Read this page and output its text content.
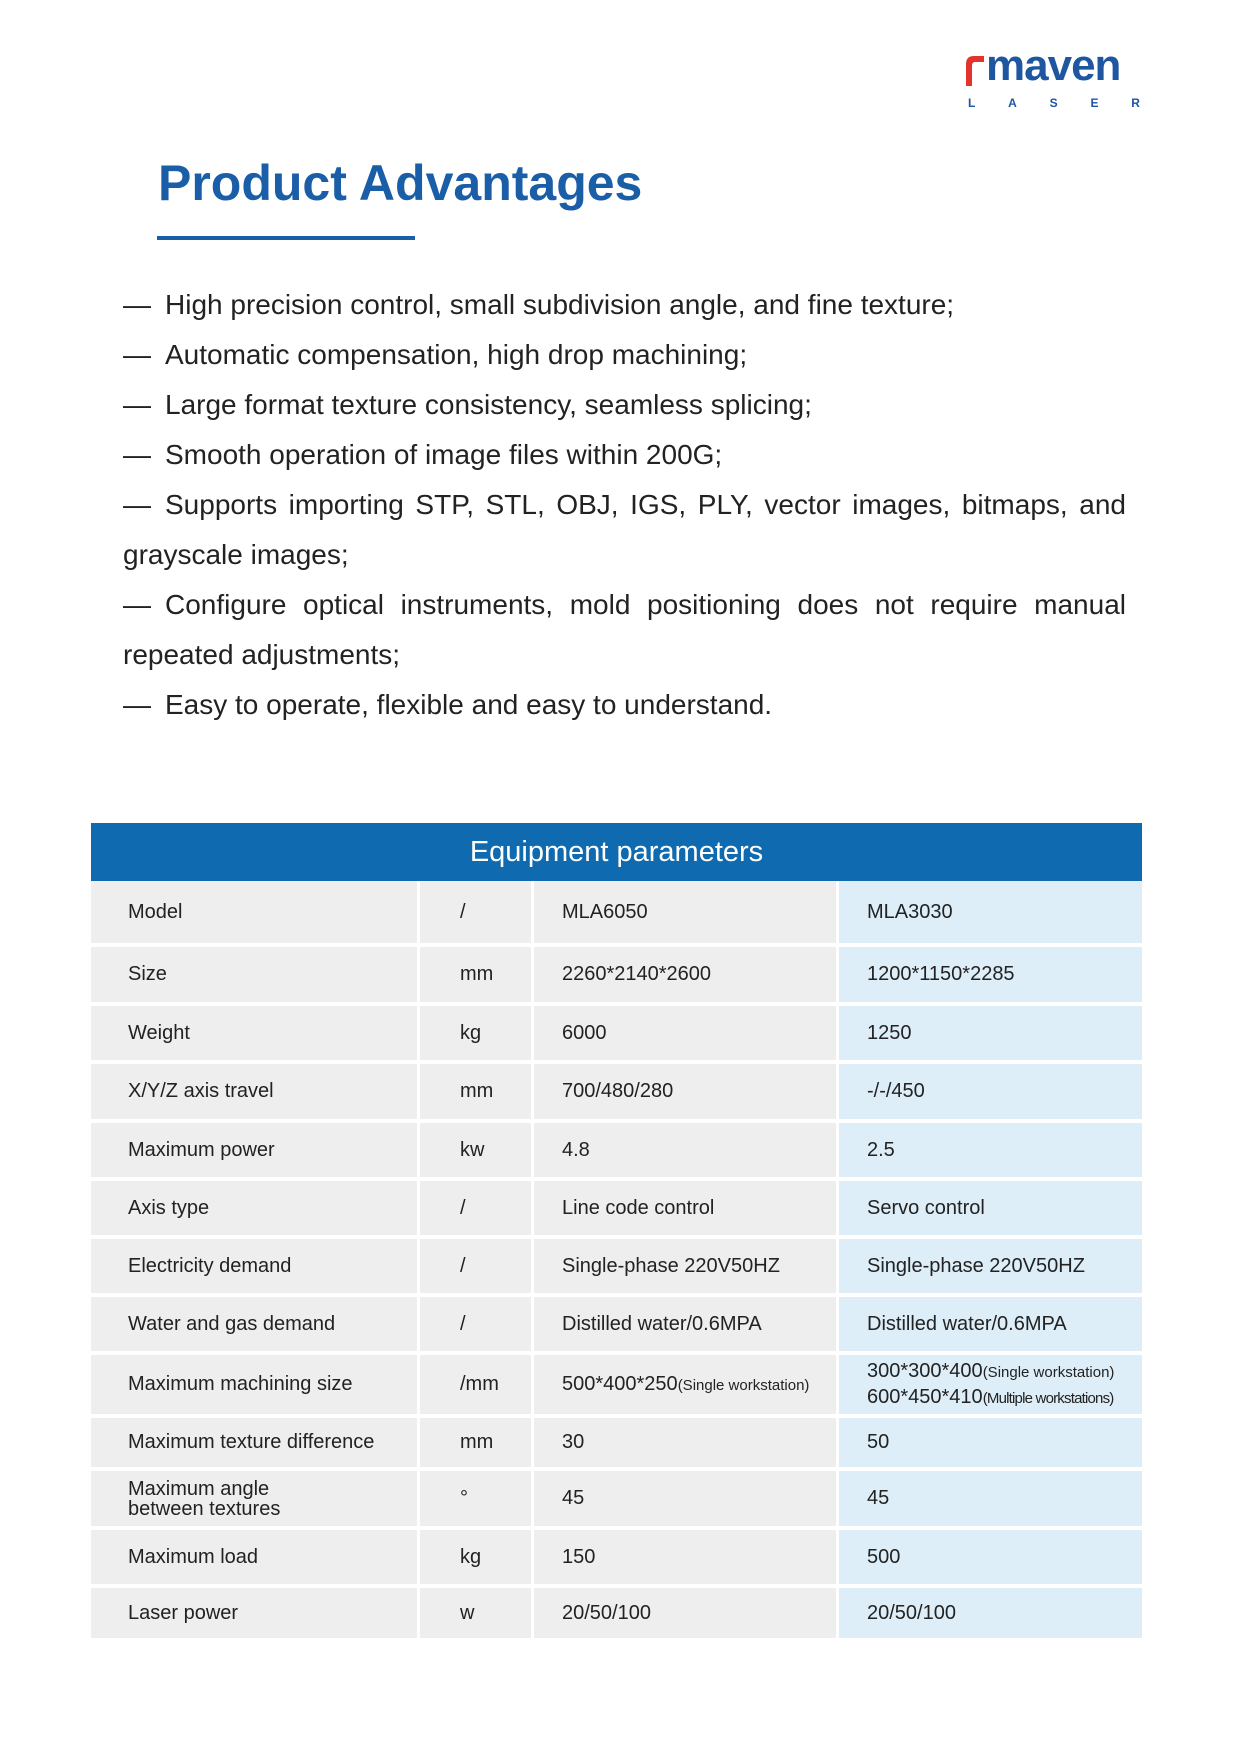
maven
L	A	S	E	R
Product Advantages
— High precision control, small subdivision angle, and fine texture;
— Automatic compensation, high drop machining;
— Large format texture consistency, seamless splicing;
— Smooth operation of image files within 200G;
— Supports importing STP, STL, OBJ, IGS, PLY, vector images, bitmaps, and grayscale images;
— Configure optical instruments, mold positioning does not require manual repeated adjustments;
— Easy to operate, flexible and easy to understand.
Equipment parameters			
Model	/	MLA6050	MLA3030
Size	mm	2260*2140*2600	1200*1150*2285
Weight	kg	6000	1250
X/Y/Z axis travel	mm	700/480/280	-/-/450
Maximum power	kw	4.8	2.5
Axis type	/	Line code control	Servo control
Electricity demand	/	Single-phase 220V50HZ	Single-phase 220V50HZ
Water and gas demand	/	Distilled water/0.6MPA	Distilled water/0.6MPA
Maximum machining size	/mm	500*400*250(Single workstation)	300*300*400(Single workstation)
600*450*410(Multiple workstations)

Maximum texture difference	mm	30	50

Maximum angle
between textures	°	45	45
Maximum load	kg	150	500
Laser power	w	20/50/100	20/50/100
